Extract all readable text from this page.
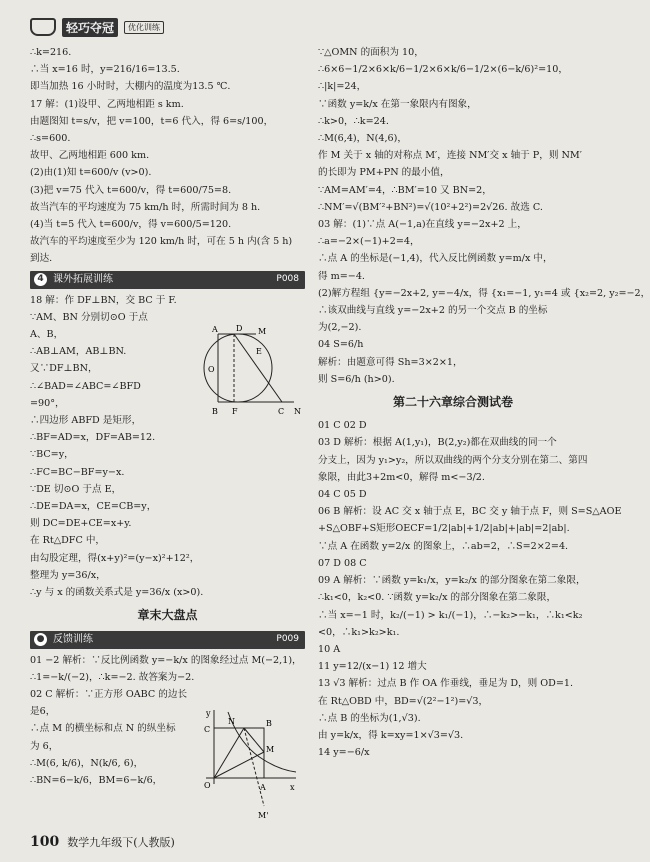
轻巧夺冠	优化训练
∴k=216.
∴当 x=16 时，y=216/16=13.5.
即当加热 16 小时时，大棚内的温度为13.5 ℃.
17 解：(1)设甲、乙两地相距 s km.
由题图知 t=s/v，把 v=100，t=6 代入，得 6=s/100，
∴s=600.
故甲、乙两地相距 600 km.
(2)由(1)知 t=600/v (v>0).
(3)把 v=75 代入 t=600/v，得 t=600/75=8.
故当汽车的平均速度为 75 km/h 时，所需时间为 8 h.
(4)当 t=5 代入 t=600/v，得 v=600/5=120.
故汽车的平均速度至少为 120 km/h 时，可在 5 h 内(含 5 h)
到达.
4 课外拓展训练	P008
18 解：作 DF⊥BN，交 BC 于 F.
∵AM、BN 分别切⊙O 于点
A、B，
∴AB⊥AM，AB⊥BN.
又∵DF⊥BN，
∴∠BAD=∠ABC=∠BFD
=90°，
∴四边形 ABFD 是矩形，
∴BF=AD=x，DF=AB=12.
∵BC=y，
∴FC=BC−BF=y−x.
∵DE 切⊙O 于点 E，
∴DE=DA=x，CE=CB=y，
则 DC=DE+CE=x+y.
在 Rt△DFC 中，
由勾股定理，得(x+y)²=(y−x)²+12²，
整理为 y=36/x，
∴y 与 x 的函数关系式是 y=36/x (x>0).
章末大盘点
● 反馈训练	P009
01 −2 解析：∵反比例函数 y=−k/x 的图象经过点 M(−2,1)，
∴1=−k/(−2)，∴k=−2. 故答案为−2.
02 C 解析：∵正方形 OABC 的边长
是6，
∴点 M 的横坐标和点 N 的纵坐标
为 6，
∴M(6, k/6)，N(k/6, 6)，
∴BN=6−k/6，BM=6−k/6，
A D M
E
O
B F	C N
y
N	B
C
M
O	A	x
M'
∵△OMN 的面积为 10，
∴6×6−1/2×6×k/6−1/2×6×k/6−1/2×(6−k/6)²=10，
∴|k|=24，
∵函数 y=k/x 在第一象限内有图象，
∴k>0，∴k=24.
∴M(6,4)，N(4,6)，
作 M 关于 x 轴的对称点 M′，连接 NM′交 x 轴于 P，则 NM′
的长即为 PM+PN 的最小值，
∵AM=AM′=4，∴BM′=10 又 BN=2，
∴NM′=√(BM′²+BN²)=√(10²+2²)=2√26. 故选 C.
03 解：(1)∵点 A(−1,a)在直线 y=−2x+2 上，
∴a=−2×(−1)+2=4，
∴点 A 的坐标是(−1,4)，代入反比例函数 y=m/x 中，
得 m=−4.
(2)解方程组 {y=−2x+2, y=−4/x，得 {x₁=−1, y₁=4 或 {x₂=2, y₂=−2，
∴该双曲线与直线 y=−2x+2 的另一个交点 B 的坐标
为(2,−2).
04 S=6/h
解析：由题意可得 Sh=3×2×1，
则 S=6/h (h>0).
第二十六章综合测试卷
01 C 02 D
03 D 解析：根据 A(1,y₁)，B(2,y₂)都在双曲线的同一个
分支上，因为 y₁>y₂，所以双曲线的两个分支分别在第二、第四
象限，由此3+2m<0，解得 m<−3/2.
04 C 05 D
06 B 解析：设 AC 交 x 轴于点 E，BC 交 y 轴于点 F，则 S=S△AOE
+S△OBF+S矩形OECF=1/2|ab|+1/2|ab|+|ab|=2|ab|.
∵点 A 在函数 y=2/x 的图象上，∴ab=2，∴S=2×2=4.
07 D 08 C
09 A 解析：∵函数 y=k₁/x，y=k₂/x 的部分图象在第二象限，
∴k₁<0，k₂<0. ∵函数 y=k₂/x 的部分图象在第二象限，
∴当 x=−1 时，k₂/(−1) > k₁/(−1)，∴−k₂>−k₁，∴k₁<k₂
<0，∴k₁>k₂>k₁.
10 A
11 y=12/(x−1) 12 增大
13 √3 解析：过点 B 作 OA 作垂线，垂足为 D，则 OD=1.
在 Rt△OBD 中，BD=√(2²−1²)=√3，
∴点 B 的坐标为(1,√3).
由 y=k/x，得 k=xy=1×√3=√3.
14 y=−6/x
100 数学九年级下(人教版)
